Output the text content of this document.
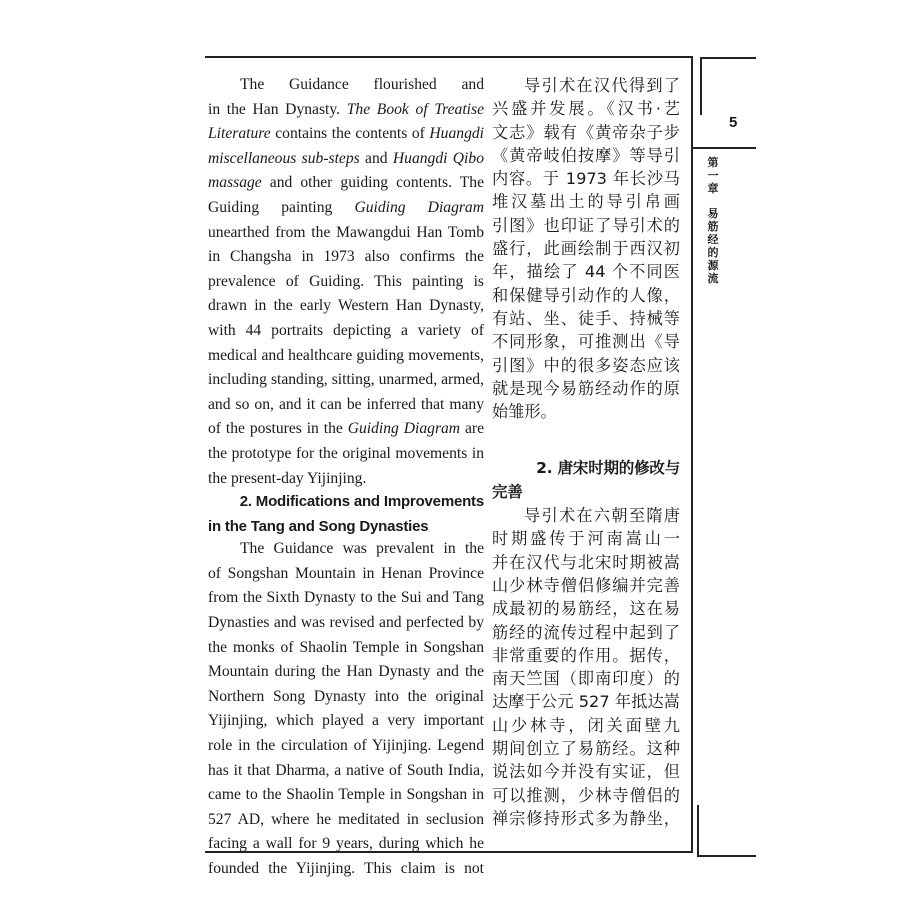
5
第
一
章
易
筋
经
的
源
流
The Guidance flourished and
in the Han Dynasty. The Book of Treatise
Literature contains the contents of Huangdi
miscellaneous sub-steps and Huangdi Qibo
massage and other guiding contents. The
Guiding painting Guiding Diagram
unearthed from the Mawangdui Han Tomb
in Changsha in 1973 also confirms the
prevalence of Guiding. This painting is
drawn in the early Western Han Dynasty,
with 44 portraits depicting a variety of
medical and healthcare guiding movements,
including standing, sitting, unarmed, armed,
and so on, and it can be inferred that many
of the postures in the Guiding Diagram are
the prototype for the original movements in
the present-day Yijinjing.
2. Modifications and Improvements
in the Tang and Song Dynasties
The Guidance was prevalent in the
of Songshan Mountain in Henan Province
from the Sixth Dynasty to the Sui and Tang
Dynasties and was revised and perfected by
the monks of Shaolin Temple in Songshan
Mountain during the Han Dynasty and the
Northern Song Dynasty into the original
Yijinjing, which played a very important
role in the circulation of Yijinjing. Legend
has it that Dharma, a native of South India,
came to the Shaolin Temple in Songshan in
527 AD, where he meditated in seclusion
facing a wall for 9 years, during which he
founded the Yijinjing. This claim is not
导引术在汉代得到了
兴盛并发展。《汉书·艺
文志》载有《黄帝杂子步
《黄帝岐伯按摩》等导引
内容。于 1973 年长沙马
堆汉墓出土的导引帛画
引图》也印证了导引术的
盛行，此画绘制于西汉初
年，描绘了 44 个不同医
和保健导引动作的人像，
有站、坐、徒手、持械等
不同形象，可推测出《导
引图》中的很多姿态应该
就是现今易筋经动作的原
始雏形。
2. 唐宋时期的修改与
完善
导引术在六朝至隋唐
时期盛传于河南嵩山一
并在汉代与北宋时期被嵩
山少林寺僧侣修编并完善
成最初的易筋经，这在易
筋经的流传过程中起到了
非常重要的作用。据传，
南天竺国（即南印度）的
达摩于公元 527 年抵达嵩
山少林寺，闭关面壁九
期间创立了易筋经。这种
说法如今并没有实证，但
可以推测，少林寺僧侣的
禅宗修持形式多为静坐，
